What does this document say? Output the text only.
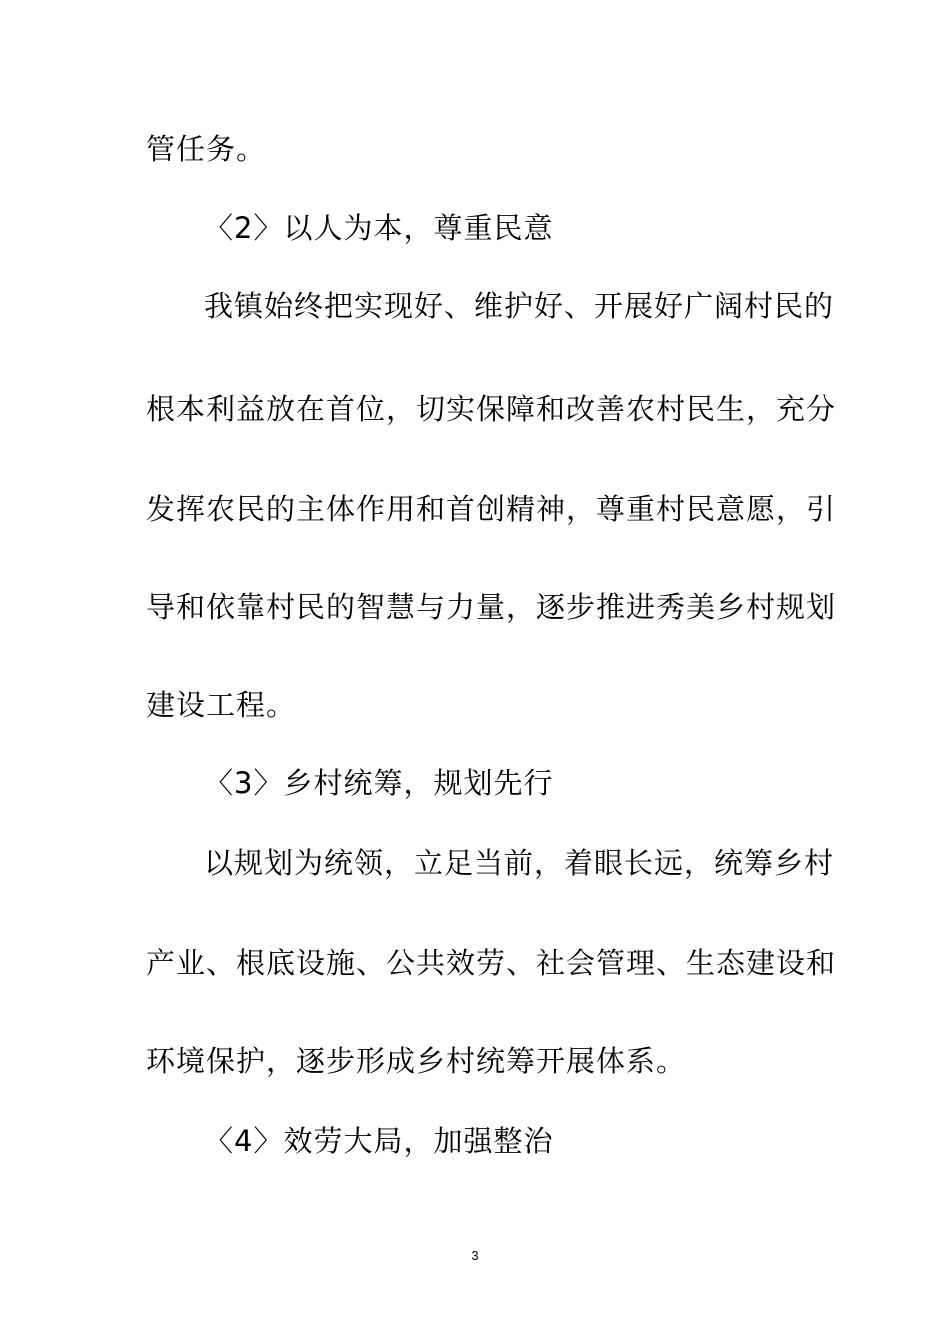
管任务。
〈2〉以人为本，尊重民意
我镇始终把实现好、维护好、开展好广阔村民的
根本利益放在首位，切实保障和改善农村民生，充分
发挥农民的主体作用和首创精神，尊重村民意愿，引
导和依靠村民的智慧与力量，逐步推进秀美乡村规划
建设工程。
〈3〉乡村统筹，规划先行
以规划为统领，立足当前，着眼长远，统筹乡村
产业、根底设施、公共效劳、社会管理、生态建设和
环境保护，逐步形成乡村统筹开展体系。
〈4〉效劳大局，加强整治
3
